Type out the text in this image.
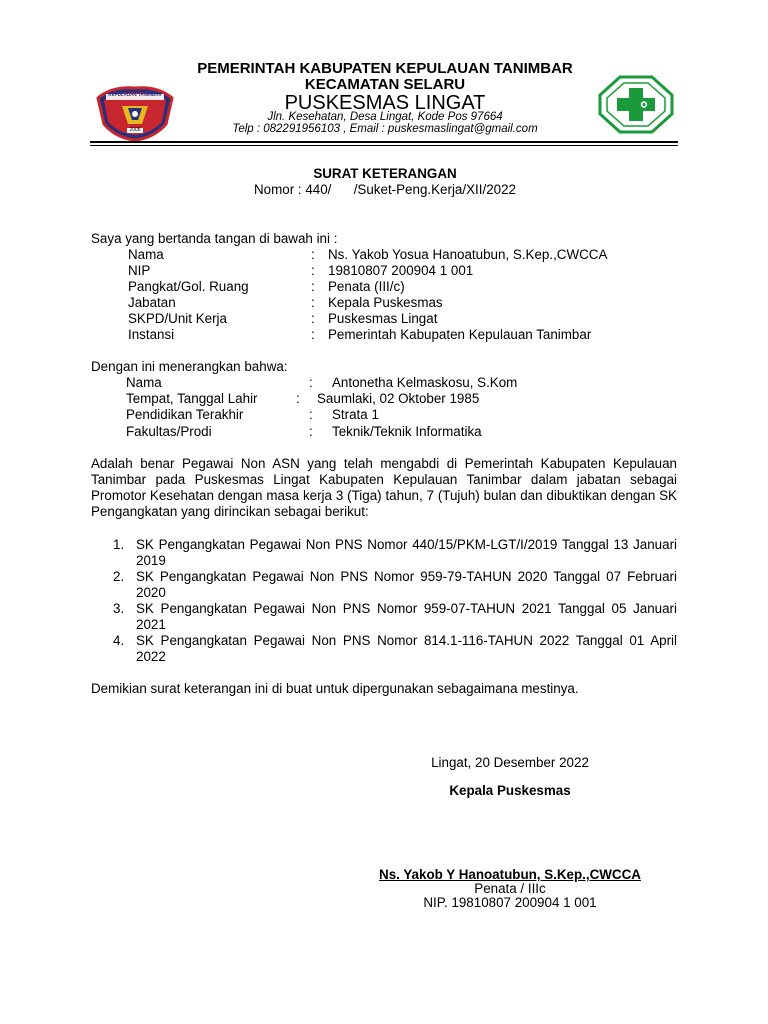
KEPULAUAN TANIMBAR
2008
PEMERINTAH KABUPATEN KEPULAUAN TANIMBAR
KECAMATAN SELARU
PUSKESMAS LINGAT
Jln. Kesehatan, Desa Lingat, Kode Pos 97664
Telp : 082291956103 , Email : puskesmaslingat@gmail.com
SURAT KETERANGAN
Nomor : 440/      /Suket-Peng.Kerja/XII/2022
Saya yang bertanda tangan di bawah ini :
Nama	: Ns. Yakob Yosua Hanoatubun, S.Kep.,CWCCA
NIP	: 19810807 200904 1 001
Pangkat/Gol. Ruang	: Penata (III/c)
Jabatan	: Kepala Puskesmas
SKPD/Unit Kerja	: Puskesmas Lingat
Instansi	: Pemerintah Kabupaten Kepulauan Tanimbar
Dengan ini menerangkan bahwa:
Nama	: Antonetha Kelmaskosu, S.Kom
Tempat, Tanggal Lahir	: Saumlaki, 02 Oktober 1985
Pendidikan Terakhir	: Strata 1
Fakultas/Prodi	: Teknik/Teknik Informatika
Adalah benar Pegawai Non ASN yang telah mengabdi di Pemerintah Kabupaten Kepulauan Tanimbar pada Puskesmas Lingat Kabupaten Kepulauan Tanimbar dalam jabatan sebagai Promotor Kesehatan dengan masa kerja 3 (Tiga) tahun, 7 (Tujuh) bulan dan dibuktikan dengan SK Pengangkatan yang dirincikan sebagai berikut:
1. SK Pengangkatan Pegawai Non PNS Nomor 440/15/PKM-LGT/I/2019 Tanggal 13 Januari 2019
2. SK Pengangkatan Pegawai Non PNS Nomor 959-79-TAHUN 2020 Tanggal 07 Februari 2020
3. SK Pengangkatan Pegawai Non PNS Nomor 959-07-TAHUN 2021 Tanggal 05 Januari 2021
4. SK Pengangkatan Pegawai Non PNS Nomor 814.1-116-TAHUN 2022 Tanggal 01 April 2022
Demikian surat keterangan ini di buat untuk dipergunakan sebagaimana mestinya.
Lingat, 20 Desember 2022
Kepala Puskesmas
Ns. Yakob Y Hanoatubun, S.Kep.,CWCCA
Penata / IIIc
NIP. 19810807 200904 1 001
